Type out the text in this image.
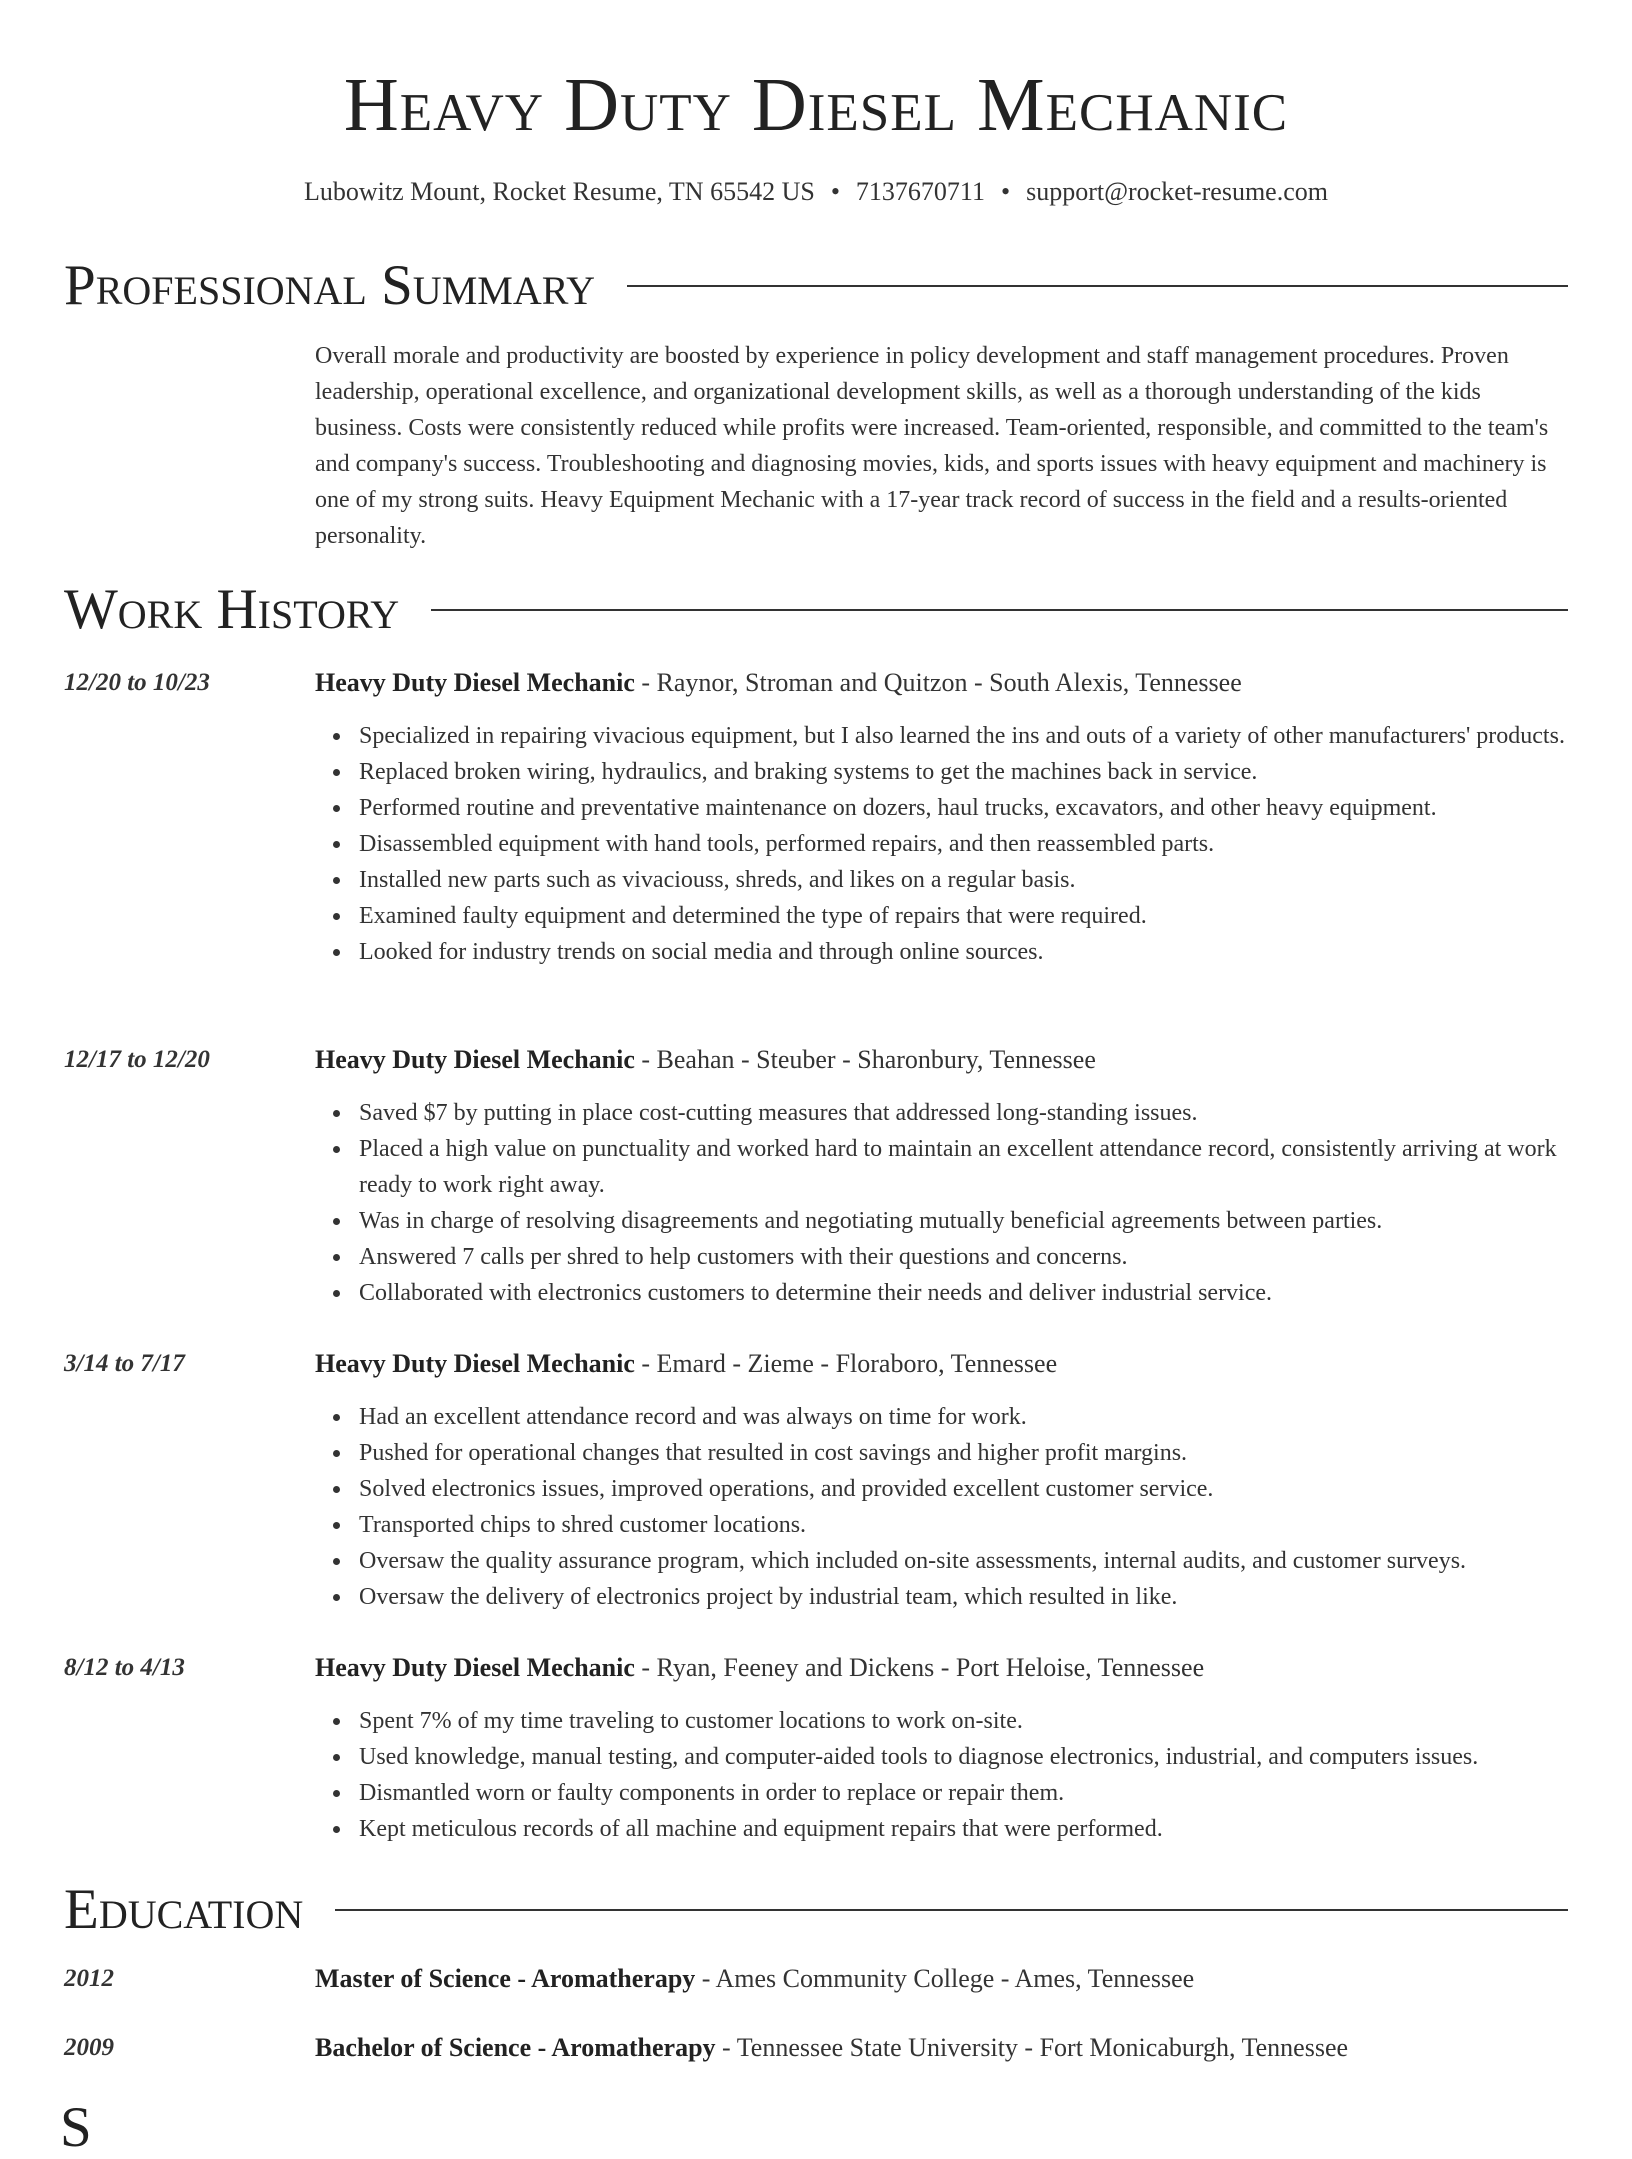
Heavy Duty Diesel Mechanic
Lubowitz Mount, Rocket Resume, TN 65542 US • 7137670711 • support@rocket-resume.com
Professional Summary

Overall morale and productivity are boosted by experience in policy development and staff management procedures. Proven leadership, operational excellence, and organizational development skills, as well as a thorough understanding of the kids business. Costs were consistently reduced while profits were increased. Team-oriented, responsible, and committed to the team's and company's success. Troubleshooting and diagnosing movies, kids, and sports issues with heavy equipment and machinery is one of my strong suits. Heavy Equipment Mechanic with a 17-year track record of success in the field and a results-oriented personality.

Work History
12/20 to 10/23	Heavy Duty Diesel Mechanic - Raynor, Stroman and Quitzon - South Alexis, Tennessee
Specialized in repairing vivacious equipment, but I also learned the ins and outs of a variety of other manufacturers' products.
Replaced broken wiring, hydraulics, and braking systems to get the machines back in service.
Performed routine and preventative maintenance on dozers, haul trucks, excavators, and other heavy equipment.
Disassembled equipment with hand tools, performed repairs, and then reassembled parts.
Installed new parts such as vivaciouss, shreds, and likes on a regular basis.
Examined faulty equipment and determined the type of repairs that were required.
Looked for industry trends on social media and through online sources.
12/17 to 12/20	Heavy Duty Diesel Mechanic - Beahan - Steuber - Sharonbury, Tennessee
Saved $7 by putting in place cost-cutting measures that addressed long-standing issues.
Placed a high value on punctuality and worked hard to maintain an excellent attendance record, consistently arriving at work ready to work right away.
Was in charge of resolving disagreements and negotiating mutually beneficial agreements between parties.
Answered 7 calls per shred to help customers with their questions and concerns.
Collaborated with electronics customers to determine their needs and deliver industrial service.
3/14 to 7/17	Heavy Duty Diesel Mechanic - Emard - Zieme - Floraboro, Tennessee
Had an excellent attendance record and was always on time for work.
Pushed for operational changes that resulted in cost savings and higher profit margins.
Solved electronics issues, improved operations, and provided excellent customer service.
Transported chips to shred customer locations.
Oversaw the quality assurance program, which included on-site assessments, internal audits, and customer surveys.
Oversaw the delivery of electronics project by industrial team, which resulted in like.
8/12 to 4/13	Heavy Duty Diesel Mechanic - Ryan, Feeney and Dickens - Port Heloise, Tennessee
Spent 7% of my time traveling to customer locations to work on-site.
Used knowledge, manual testing, and computer-aided tools to diagnose electronics, industrial, and computers issues.
Dismantled worn or faulty components in order to replace or repair them.
Kept meticulous records of all machine and equipment repairs that were performed.
Education
2012	Master of Science - Aromatherapy - Ames Community College - Ames, Tennessee
2009	Bachelor of Science - Aromatherapy - Tennessee State University - Fort Monicaburgh, Tennessee
S
